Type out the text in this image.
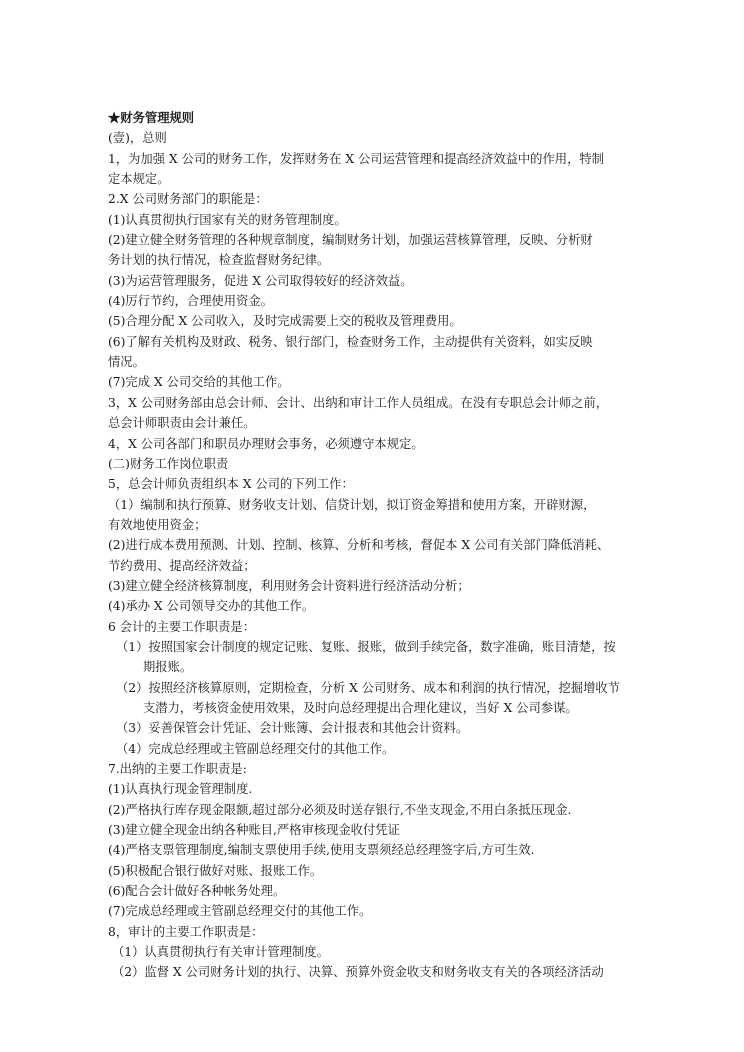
★财务管理规则
(壹)，总则
1，为加强 X 公司的财务工作，发挥财务在 X 公司运营管理和提高经济效益中的作用，特制
定本规定。
2.X 公司财务部门的职能是：
(1)认真贯彻执行国家有关的财务管理制度。
(2)建立健全财务管理的各种规章制度，编制财务计划，加强运营核算管理，反映、分析财
务计划的执行情况，检查监督财务纪律。
(3)为运营管理服务，促进 X 公司取得较好的经济效益。
(4)厉行节约，合理使用资金。
(5)合理分配 X 公司收入，及时完成需要上交的税收及管理费用。
(6)了解有关机构及财政、税务、银行部门，检查财务工作，主动提供有关资料，如实反映
情况。
(7)完成 X 公司交给的其他工作。
3，X 公司财务部由总会计师、会计、出纳和审计工作人员组成。在没有专职总会计师之前，
总会计师职责由会计兼任。
4，X 公司各部门和职员办理财会事务，必须遵守本规定。
(二)财务工作岗位职责
5，总会计师负责组织本 X 公司的下列工作：
（1）编制和执行预算、财务收支计划、信贷计划，拟订资金筹措和使用方案，开辟财源，
有效地使用资金；
(2)进行成本费用预测、计划、控制、核算、分析和考核，督促本 X 公司有关部门降低消耗、
节约费用、提高经济效益；
(3)建立健全经济核算制度，利用财务会计资料进行经济活动分析；
(4)承办 X 公司领导交办的其他工作。
6 会计的主要工作职责是：
（1）按照国家会计制度的规定记账、复账、报账，做到手续完备，数字准确，账目清楚，按
期报账。
（2）按照经济核算原则，定期检查，分析 X 公司财务、成本和利润的执行情况，挖掘增收节
支潜力，考核资金使用效果，及时向总经理提出合理化建议，当好 X 公司参谋。
（3）妥善保管会计凭证、会计账簿、会计报表和其他会计资料。
（4）完成总经理或主管副总经理交付的其他工作。
7.出纳的主要工作职责是:
(1)认真执行现金管理制度.
(2)严格执行库存现金限额,超过部分必须及时送存银行,不坐支现金,不用白条抵压现金.
(3)建立健全现金出纳各种账目,严格审核现金收付凭证
(4)严格支票管理制度,编制支票使用手续,使用支票须经总经理签字后,方可生效.
(5)积极配合银行做好对账、报账工作。
(6)配合会计做好各种帐务处理。
(7)完成总经理或主管副总经理交付的其他工作。
8，审计的主要工作职责是：
（1）认真贯彻执行有关审计管理制度。
（2）监督 X 公司财务计划的执行、决算、预算外资金收支和财务收支有关的各项经济活动
